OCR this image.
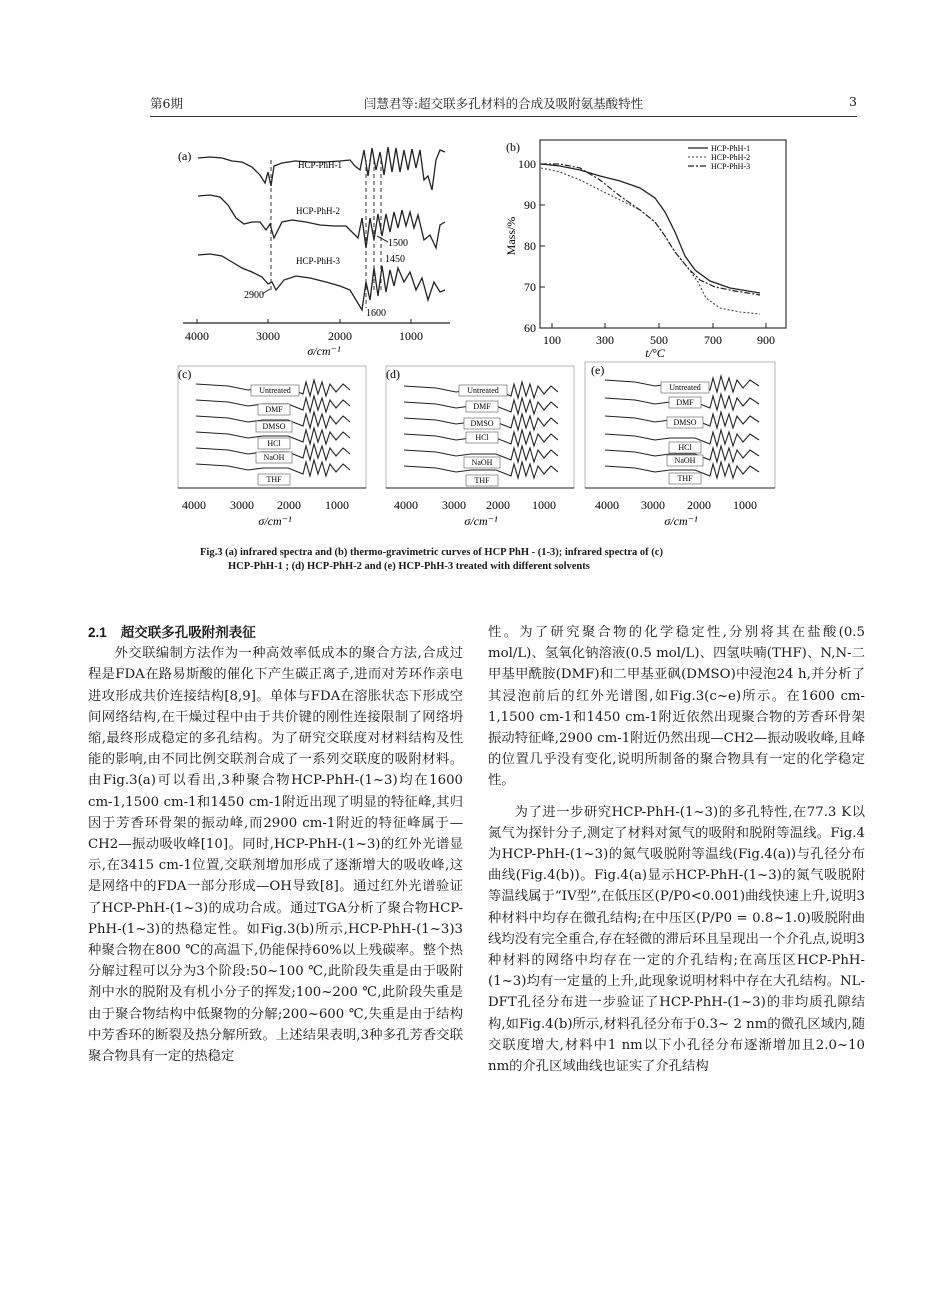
第6期	闫慧君等:超交联多孔材料的合成及吸附氨基酸特性	3
(a)
HCP-PhH-1
HCP-PhH-2
HCP-PhH-3
2900
1600
1500
1450
4000	3000	2000	1000
σ/cm⁻¹
(b)
100
90
80
70
60
100	300	500	700	900
Mass/%
t/°C
HCP-PhH-1
HCP-PhH-2
HCP-PhH-3
(c)
Untreated
DMF
DMSO
HCl
NaOH
THF
4000 3000 2000 1000
σ/cm⁻¹
(d)
Untreated
DMF
DMSO
HCl
NaOH
THF
4000 3000 2000 1000
σ/cm⁻¹
(e)
Untreated
DMF
DMSO
HCl
NaOH
THF
4000 3000 2000 1000
σ/cm⁻¹
Fig.3 (a) infrared spectra and (b) thermo-gravimetric curves of HCP PhH - (1-3); infrared spectra of (c)
HCP-PhH-1 ; (d) HCP-PhH-2 and (e) HCP-PhH-3 treated with different solvents

2.1 超交联多孔吸附剂表征

外交联编制方法作为一种高效率低成本的聚合方法,合成过程是FDA在路易斯酸的催化下产生碳正离子,进而对芳环作亲电进攻形成共价连接结构[8,9]。单体与FDA在溶胀状态下形成空间网络结构,在干燥过程中由于共价键的刚性连接限制了网络坍缩,最终形成稳定的多孔结构。为了研究交联度对材料结构及性能的影响,由不同比例交联剂合成了一系列交联度的吸附材料。由Fig.3(a)可以看出,3种聚合物HCP-PhH-(1~3)均在1600 cm-1,1500 cm-1和1450 cm-1附近出现了明显的特征峰,其归因于芳香环骨架的振动峰,而2900 cm-1附近的特征峰属于—CH2—振动吸收峰[10]。同时,HCP-PhH-(1~3)的红外光谱显示,在3415 cm-1位置,交联剂增加形成了逐渐增大的吸收峰,这是网络中的FDA一部分形成—OH导致[8]。通过红外光谱验证了HCP-PhH-(1~3)的成功合成。通过TGA分析了聚合物HCP-PhH-(1~3)的热稳定性。如Fig.3(b)所示,HCP-PhH-(1~3)3种聚合物在800 ℃的高温下,仍能保持60%以上残碳率。整个热分解过程可以分为3个阶段:50~100 ℃,此阶段失重是由于吸附剂中水的脱附及有机小分子的挥发;100~200 ℃,此阶段失重是由于聚合物结构中低聚物的分解;200~600 ℃,失重是由于结构中芳香环的断裂及热分解所致。上述结果表明,3种多孔芳香交联聚合物具有一定的热稳定

性。为了研究聚合物的化学稳定性,分别将其在盐酸(0.5 mol/L)、氢氧化钠溶液(0.5 mol/L)、四氢呋喃(THF)、N,N-二甲基甲酰胺(DMF)和二甲基亚砜(DMSO)中浸泡24 h,并分析了其浸泡前后的红外光谱图,如Fig.3(c~e)所示。在1600 cm-1,1500 cm-1和1450 cm-1附近依然出现聚合物的芳香环骨架振动特征峰,2900 cm-1附近仍然出现—CH2—振动吸收峰,且峰的位置几乎没有变化,说明所制备的聚合物具有一定的化学稳定性。

为了进一步研究HCP-PhH-(1~3)的多孔特性,在77.3 K以氮气为探针分子,测定了材料对氮气的吸附和脱附等温线。Fig.4为HCP-PhH-(1~3)的氮气吸脱附等温线(Fig.4(a))与孔径分布曲线(Fig.4(b))。Fig.4(a)显示HCP-PhH-(1~3)的氮气吸脱附等温线属于“IV型”,在低压区(P/P0<0.001)曲线快速上升,说明3种材料中均存在微孔结构;在中压区(P/P0 = 0.8~1.0)吸脱附曲线均没有完全重合,存在轻微的滞后环且呈现出一个介孔点,说明3种材料的网络中均存在一定的介孔结构;在高压区HCP-PhH-(1~3)均有一定量的上升,此现象说明材料中存在大孔结构。NL-DFT孔径分布进一步验证了HCP-PhH-(1~3)的非均质孔隙结构,如Fig.4(b)所示,材料孔径分布于0.3~ 2 nm的微孔区域内,随交联度增大,材料中1 nm以下小孔径分布逐渐增加且2.0~10 nm的介孔区域曲线也证实了介孔结构
